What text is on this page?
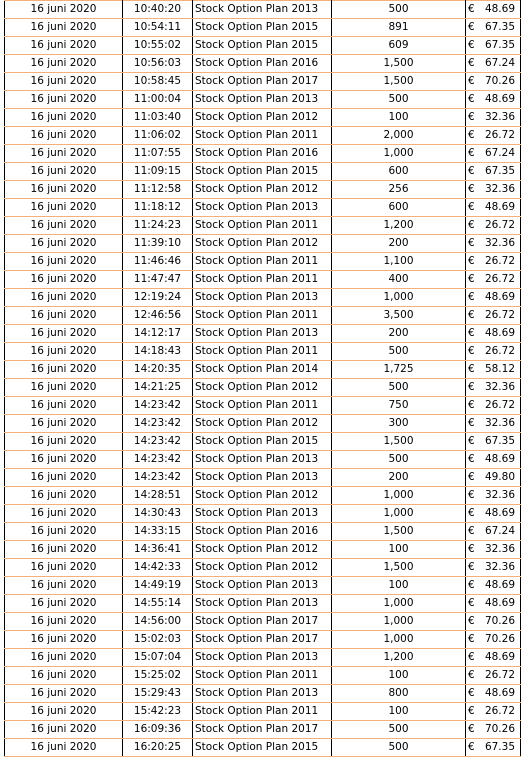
16 juni 2020	10:40:20	Stock Option Plan 2013	500	€ 48.69

16 juni 2020	10:54:11	Stock Option Plan 2015	891	€ 67.35

16 juni 2020	10:55:02	Stock Option Plan 2015	609	€ 67.35

16 juni 2020	10:56:03	Stock Option Plan 2016	1,500	€ 67.24

16 juni 2020	10:58:45	Stock Option Plan 2017	1,500	€ 70.26

16 juni 2020	11:00:04	Stock Option Plan 2013	500	€ 48.69

16 juni 2020	11:03:40	Stock Option Plan 2012	100	€ 32.36

16 juni 2020	11:06:02	Stock Option Plan 2011	2,000	€ 26.72

16 juni 2020	11:07:55	Stock Option Plan 2016	1,000	€ 67.24

16 juni 2020	11:09:15	Stock Option Plan 2015	600	€ 67.35

16 juni 2020	11:12:58	Stock Option Plan 2012	256	€ 32.36

16 juni 2020	11:18:12	Stock Option Plan 2013	600	€ 48.69

16 juni 2020	11:24:23	Stock Option Plan 2011	1,200	€ 26.72

16 juni 2020	11:39:10	Stock Option Plan 2012	200	€ 32.36

16 juni 2020	11:46:46	Stock Option Plan 2011	1,100	€ 26.72

16 juni 2020	11:47:47	Stock Option Plan 2011	400	€ 26.72

16 juni 2020	12:19:24	Stock Option Plan 2013	1,000	€ 48.69

16 juni 2020	12:46:56	Stock Option Plan 2011	3,500	€ 26.72

16 juni 2020	14:12:17	Stock Option Plan 2013	200	€ 48.69

16 juni 2020	14:18:43	Stock Option Plan 2011	500	€ 26.72

16 juni 2020	14:20:35	Stock Option Plan 2014	1,725	€ 58.12

16 juni 2020	14:21:25	Stock Option Plan 2012	500	€ 32.36

16 juni 2020	14:23:42	Stock Option Plan 2011	750	€ 26.72

16 juni 2020	14:23:42	Stock Option Plan 2012	300	€ 32.36

16 juni 2020	14:23:42	Stock Option Plan 2015	1,500	€ 67.35

16 juni 2020	14:23:42	Stock Option Plan 2013	500	€ 48.69

16 juni 2020	14:23:42	Stock Option Plan 2013	200	€ 49.80

16 juni 2020	14:28:51	Stock Option Plan 2012	1,000	€ 32.36

16 juni 2020	14:30:43	Stock Option Plan 2013	1,000	€ 48.69

16 juni 2020	14:33:15	Stock Option Plan 2016	1,500	€ 67.24

16 juni 2020	14:36:41	Stock Option Plan 2012	100	€ 32.36

16 juni 2020	14:42:33	Stock Option Plan 2012	1,500	€ 32.36

16 juni 2020	14:49:19	Stock Option Plan 2013	100	€ 48.69

16 juni 2020	14:55:14	Stock Option Plan 2013	1,000	€ 48.69

16 juni 2020	14:56:00	Stock Option Plan 2017	1,000	€ 70.26

16 juni 2020	15:02:03	Stock Option Plan 2017	1,000	€ 70.26

16 juni 2020	15:07:04	Stock Option Plan 2013	1,200	€ 48.69

16 juni 2020	15:25:02	Stock Option Plan 2011	100	€ 26.72

16 juni 2020	15:29:43	Stock Option Plan 2013	800	€ 48.69

16 juni 2020	15:42:23	Stock Option Plan 2011	100	€ 26.72

16 juni 2020	16:09:36	Stock Option Plan 2017	500	€ 70.26

16 juni 2020	16:20:25	Stock Option Plan 2015	500	€ 67.35
